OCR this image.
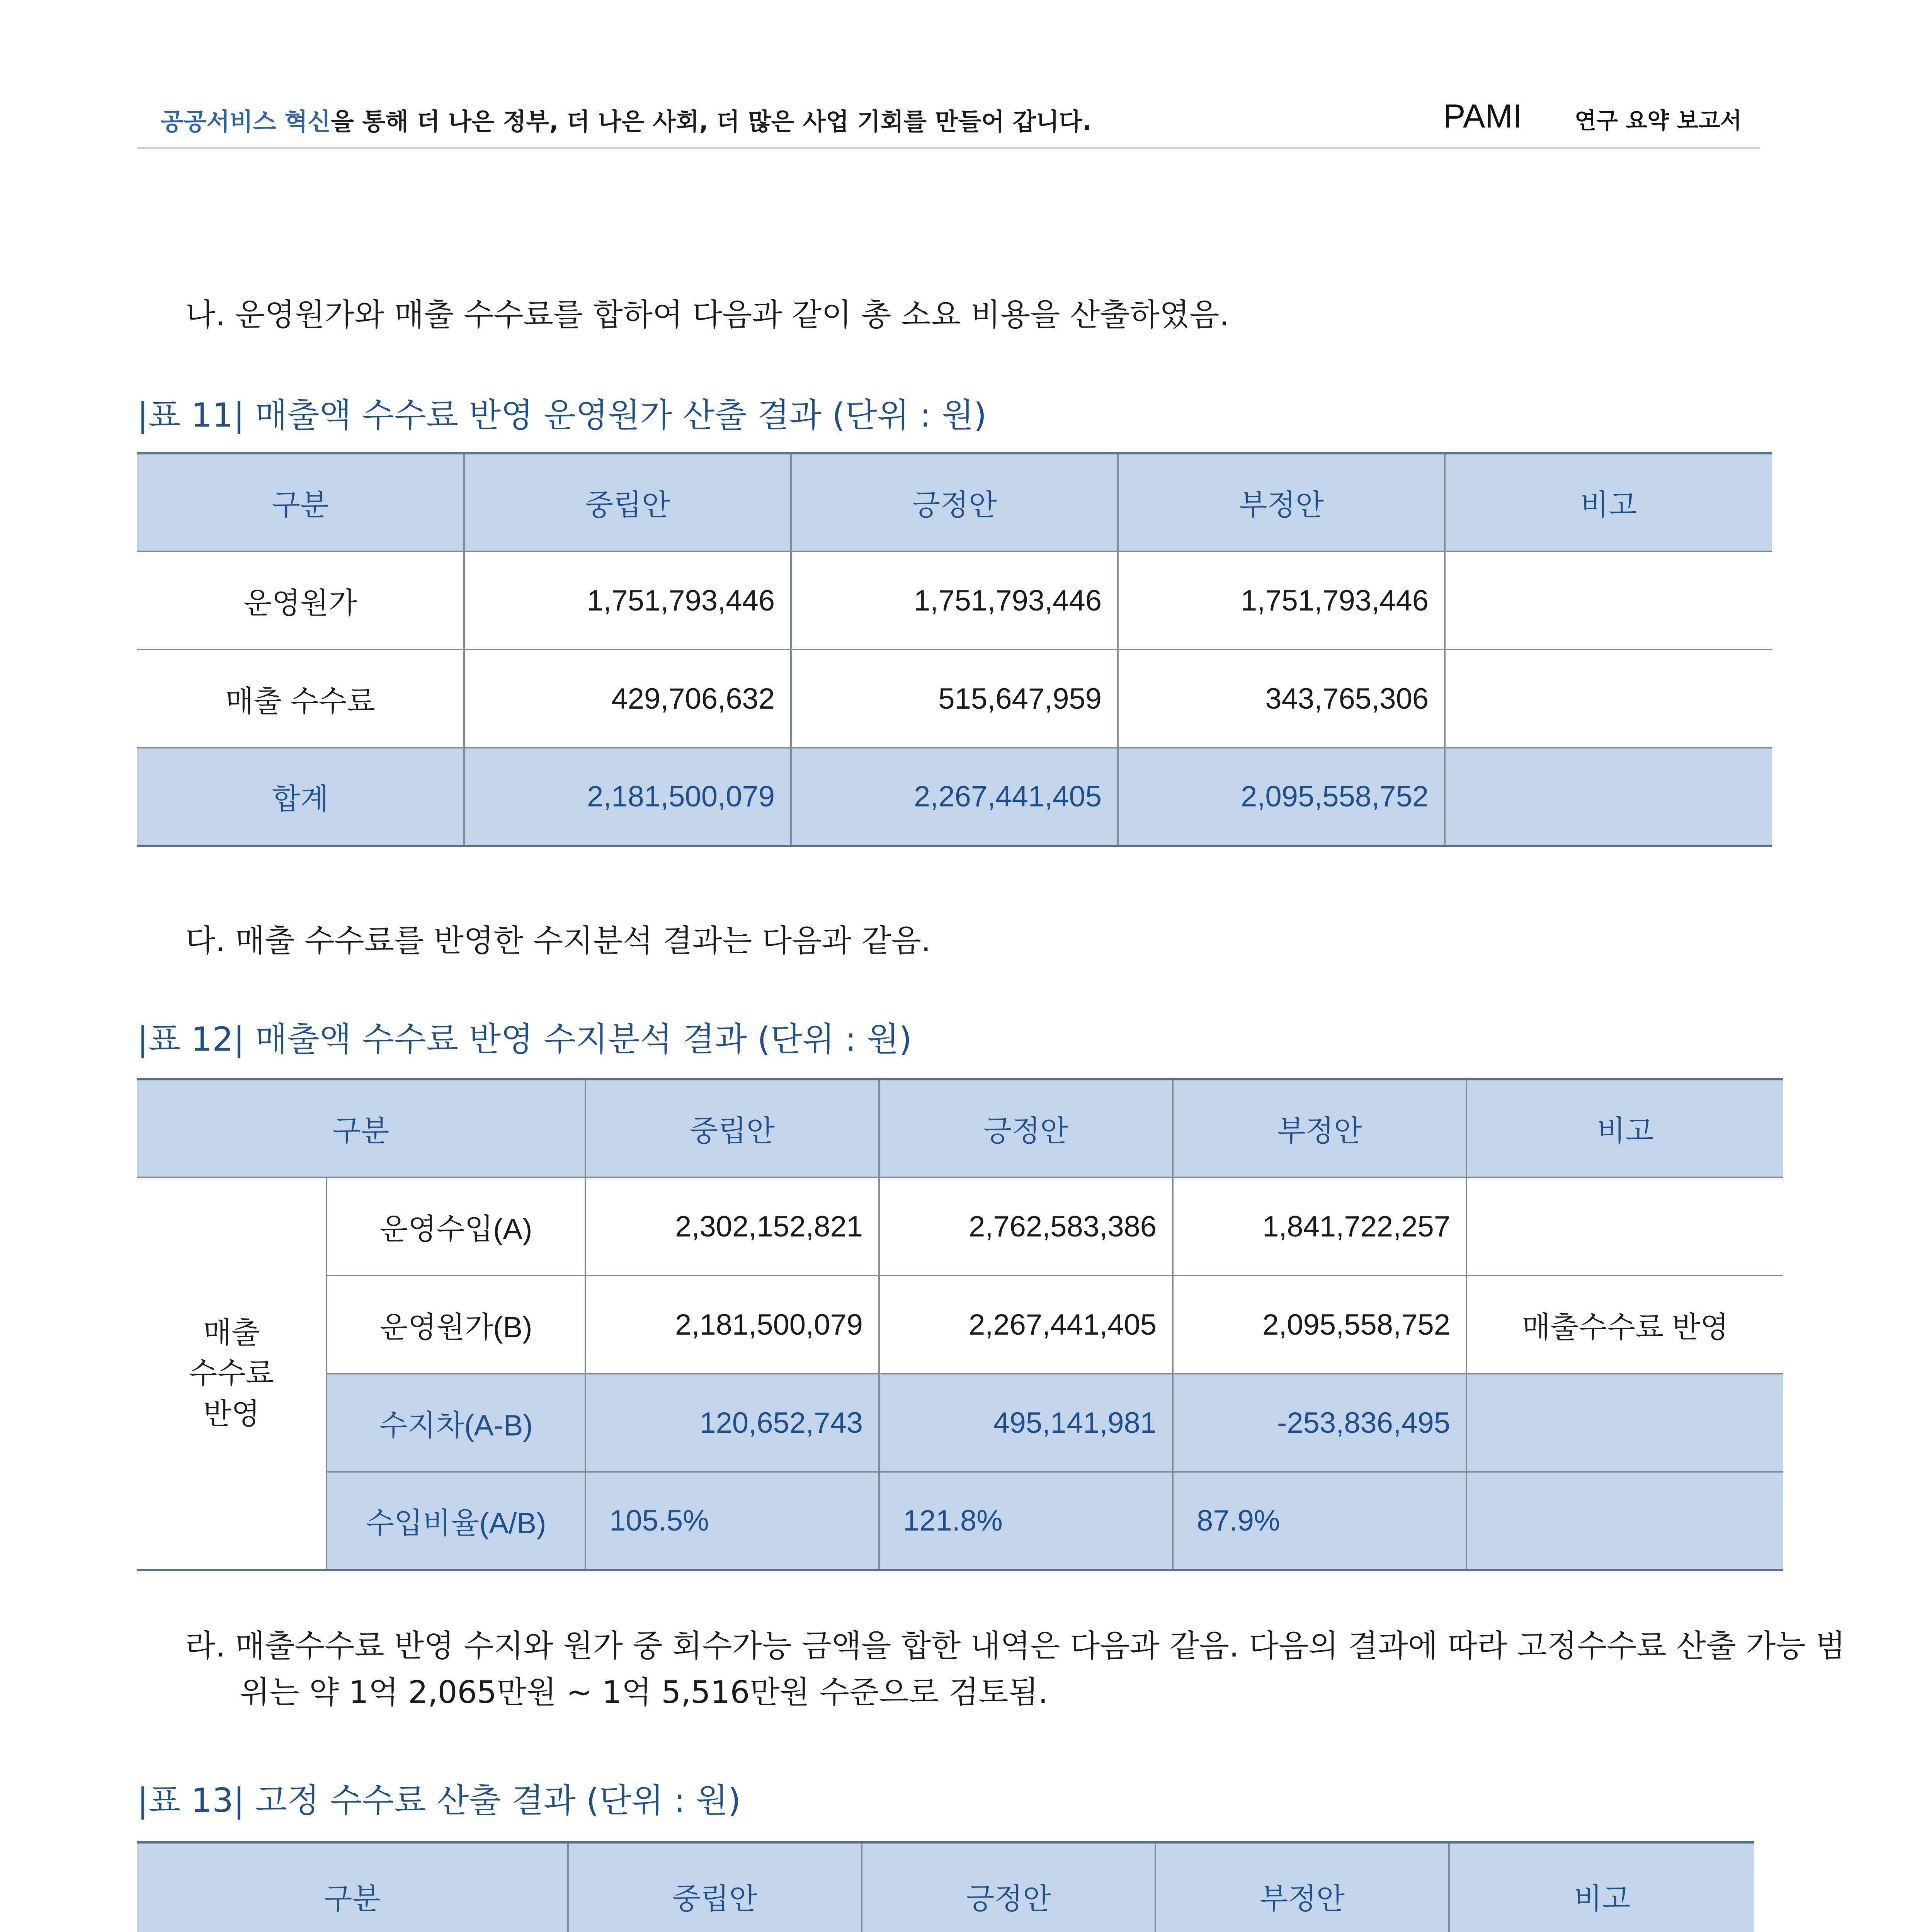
공공서비스 혁신을 통해 더 나은 정부, 더 나은 사회, 더 많은 사업 기회를 만들어 갑니다.	PAMI 연구 요약 보고서
나. 운영원가와 매출 수수료를 합하여 다음과 같이 총 소요 비용을 산출하였음.
|표 11| 매출액 수수료 반영 운영원가 산출 결과 (단위 : 원)
구분	중립안	긍정안	부정안	비고
운영원가	1,751,793,446	1,751,793,446	1,751,793,446	
매출 수수료	429,706,632	515,647,959	343,765,306	
합계	2,181,500,079	2,267,441,405	2,095,558,752	
다. 매출 수수료를 반영한 수지분석 결과는 다음과 같음.
|표 12| 매출액 수수료 반영 수지분석 결과 (단위 : 원)
구분		중립안	긍정안	부정안	비고
매출
수수료
반영	운영수입(A)	2,302,152,821	2,762,583,386	1,841,722,257	
	운영원가(B)	2,181,500,079	2,267,441,405	2,095,558,752	매출수수료 반영
	수지차(A-B)	120,652,743	495,141,981	-253,836,495	
	수입비율(A/B)	105.5%	121.8%	87.9%	
라. 매출수수료 반영 수지와 원가 중 회수가능 금액을 합한 내역은 다음과 같음. 다음의 결과에 따라 고정수수료 산출 가능 범위는 약 1억 2,065만원 ~ 1억 5,516만원 수준으로 검토됨.
|표 13| 고정 수수료 산출 결과 (단위 : 원)
구분	중립안	긍정안	부정안	비고
